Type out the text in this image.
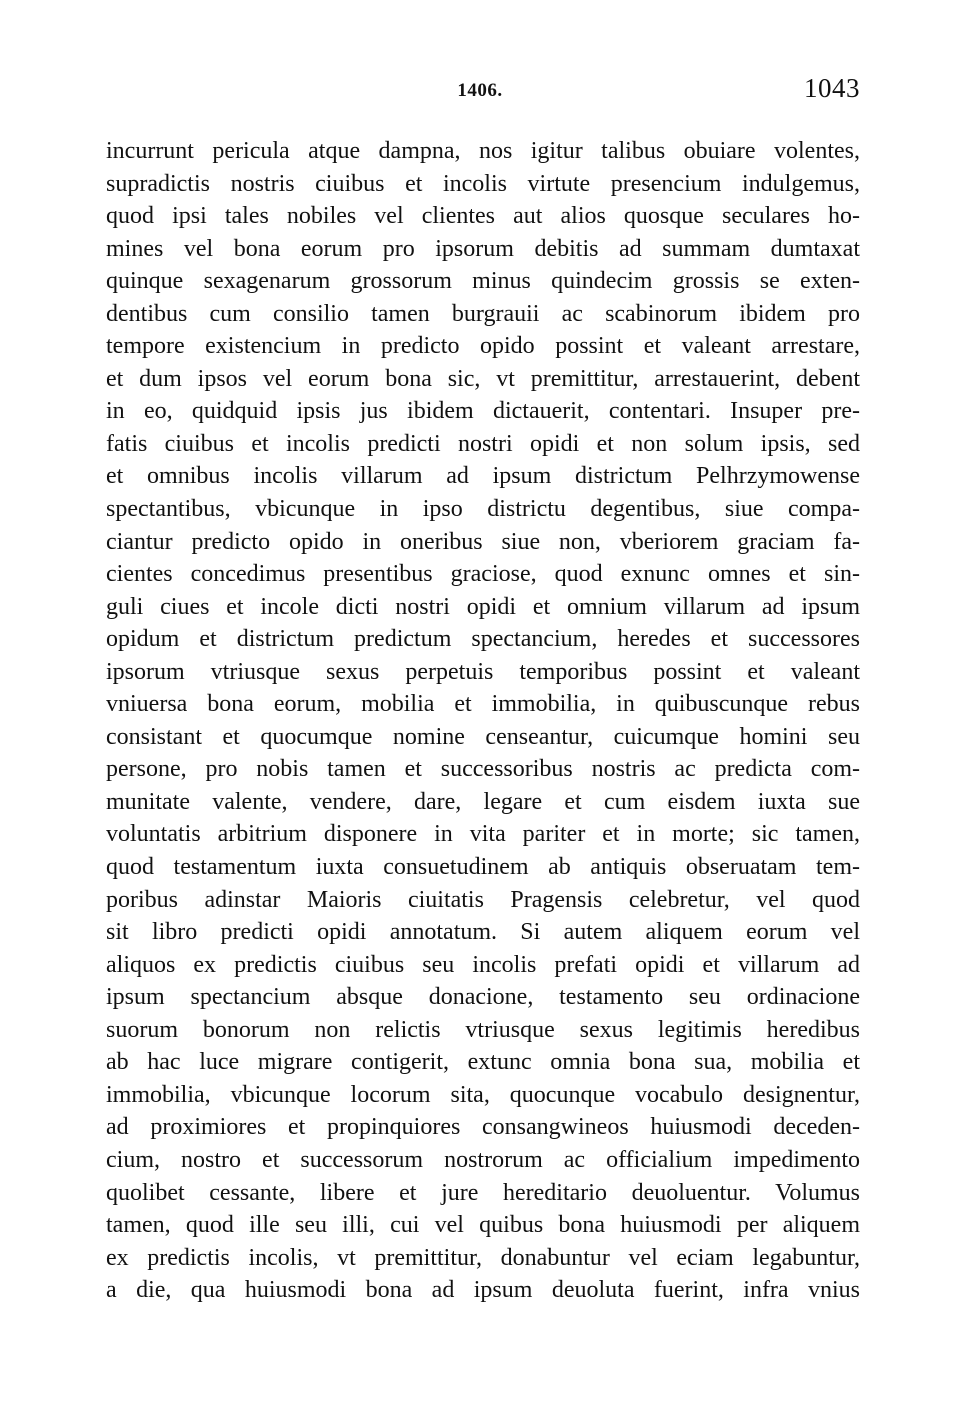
1406.	1043
incurrunt pericula atque dampna, nos igitur talibus obuiare volentes,
supradictis nostris ciuibus et incolis virtute presencium indulgemus,
quod ipsi tales nobiles vel clientes aut alios quosque seculares ho-
mines vel bona eorum pro ipsorum debitis ad summam dumtaxat
quinque sexagenarum grossorum minus quindecim grossis se exten-
dentibus cum consilio tamen burgrauii ac scabinorum ibidem pro
tempore existencium in predicto opido possint et valeant arrestare,
et dum ipsos vel eorum bona sic, vt premittitur, arrestauerint, debent
in eo, quidquid ipsis jus ibidem dictauerit, contentari. Insuper pre-
fatis ciuibus et incolis predicti nostri opidi et non solum ipsis, sed
et omnibus incolis villarum ad ipsum districtum Pelhrzymowense
spectantibus, vbicunque in ipso districtu degentibus, siue compa-
ciantur predicto opido in oneribus siue non, vberiorem graciam fa-
cientes concedimus presentibus graciose, quod exnunc omnes et sin-
guli ciues et incole dicti nostri opidi et omnium villarum ad ipsum
opidum et districtum predictum spectancium, heredes et successores
ipsorum vtriusque sexus perpetuis temporibus possint et valeant
vniuersa bona eorum, mobilia et immobilia, in quibuscunque rebus
consistant et quocumque nomine censeantur, cuicumque homini seu
persone, pro nobis tamen et successoribus nostris ac predicta com-
munitate valente, vendere, dare, legare et cum eisdem iuxta sue
voluntatis arbitrium disponere in vita pariter et in morte; sic tamen,
quod testamentum iuxta consuetudinem ab antiquis obseruatam tem-
poribus adinstar Maioris ciuitatis Pragensis celebretur, vel quod
sit libro predicti opidi annotatum. Si autem aliquem eorum vel
aliquos ex predictis ciuibus seu incolis prefati opidi et villarum ad
ipsum spectancium absque donacione, testamento seu ordinacione
suorum bonorum non relictis vtriusque sexus legitimis heredibus
ab hac luce migrare contigerit, extunc omnia bona sua, mobilia et
immobilia, vbicunque locorum sita, quocunque vocabulo designentur,
ad proximiores et propinquiores consangwineos huiusmodi deceden-
cium, nostro et successorum nostrorum ac officialium impedimento
quolibet cessante, libere et jure hereditario deuoluentur. Volumus
tamen, quod ille seu illi, cui vel quibus bona huiusmodi per aliquem
ex predictis incolis, vt premittitur, donabuntur vel eciam legabuntur,
a die, qua huiusmodi bona ad ipsum deuoluta fuerint, infra vnius
